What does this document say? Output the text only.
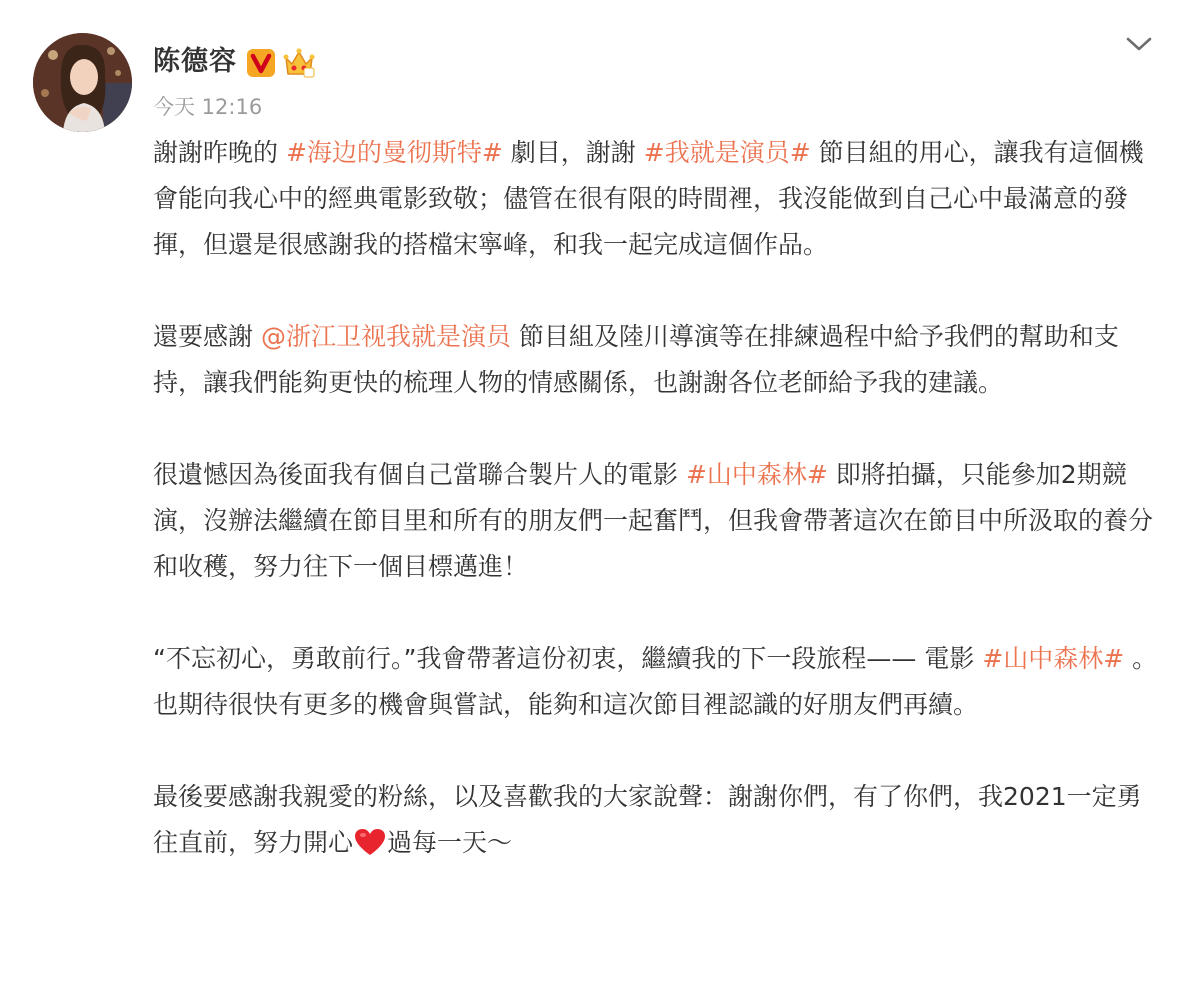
陈德容
今天 12:16

謝謝昨晚的 #海边的曼彻斯特# 劇目，謝謝 #我就是演员# 節目組的用心，讓我有這個機會能向我心中的經典電影致敬；儘管在很有限的時間裡，我沒能做到自己心中最滿意的發揮，但還是很感謝我的搭檔宋寧峰，和我一起完成這個作品。

還要感謝 @浙江卫视我就是演员 節目組及陸川導演等在排練過程中給予我們的幫助和支持，讓我們能夠更快的梳理人物的情感關係，也謝謝各位老師給予我的建議。

很遺憾因為後面我有個自己當聯合製片人的電影 #山中森林# 即將拍攝，只能參加2期競演，沒辦法繼續在節目里和所有的朋友們一起奮鬥，但我會帶著這次在節目中所汲取的養分和收穫，努力往下一個目標邁進！

“不忘初心，勇敢前行。”我會帶著這份初衷，繼續我的下一段旅程—— 電影 #山中森林# 。 也期待很快有更多的機會與嘗試，能夠和這次節目裡認識的好朋友們再續。

最後要感謝我親愛的粉絲，以及喜歡我的大家說聲：謝謝你們，有了你們，我2021一定勇往直前，努力開心 過每一天～
